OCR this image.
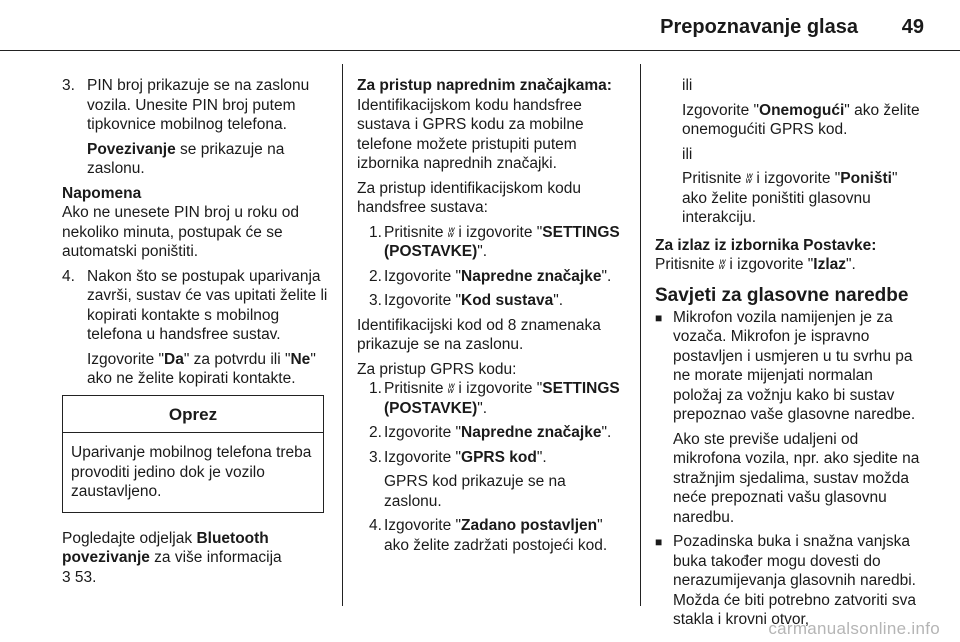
Prepoznavanje glasa 49
3. PIN broj prikazuje se na zaslonu vozila. Unesite PIN broj putem tipkovnice mobilnog telefona.

Povezivanje se prikazuje na zaslonu.

Napomena

Ako ne unesete PIN broj u roku od nekoliko minuta, postupak će se automatski poništiti.

4. Nakon što se postupak uparivanja završi, sustav će vas upitati želite li kopirati kontakte s mobilnog telefona u handsfree sustav.

Izgovorite "Da" za potvrdu ili "Ne" ako ne želite kopirati kontakte.

Oprez
Uparivanje mobilnog telefona treba provoditi jedino dok je vozilo zaustavljeno.

Pogledajte odjeljak Bluetooth povezivanje za više informacija
3 53.

Za pristup naprednim značajkama:

Identifikacijskom kodu handsfree sustava i GPRS kodu za mobilne telefone možete pristupiti putem izbornika naprednih značajki.

Za pristup identifikacijskom kodu handsfree sustava:

1. Pritisnite ʬ i izgovorite "SETTINGS (POSTAVKE)".
2. Izgovorite "Napredne značajke".
3. Izgovorite "Kod sustava".

Identifikacijski kod od 8 znamenaka prikazuje se na zaslonu.

Za pristup GPRS kodu:

1. Pritisnite ʬ i izgovorite "SETTINGS (POSTAVKE)".
2. Izgovorite "Napredne značajke".
3. Izgovorite "GPRS kod".

GPRS kod prikazuje se na zaslonu.

4. Izgovorite "Zadano postavljen" ako želite zadržati postojeći kod.

ili

Izgovorite "Onemogući" ako želite onemogućiti GPRS kod.

ili

Pritisnite ʬ i izgovorite "Poništi" ako želite poništiti glasovnu interakciju.

Za izlaz iz izbornika Postavke:

Pritisnite ʬ i izgovorite "Izlaz".

Savjeti za glasovne naredbe

■ Mikrofon vozila namijenjen je za vozača. Mikrofon je ispravno postavljen i usmjeren u tu svrhu pa ne morate mijenjati normalan položaj za vožnju kako bi sustav prepoznao vaše glasovne naredbe.

Ako ste previše udaljeni od mikrofona vozila, npr. ako sjedite na stražnjim sjedalima, sustav možda neće prepoznati vašu glasovnu naredbu.

■ Pozadinska buka i snažna vanjska buka također mogu dovesti do nerazumijevanja glasovnih naredbi. Možda će biti potrebno zatvoriti sva stakla i krovni otvor,

carmanualsonline.info
